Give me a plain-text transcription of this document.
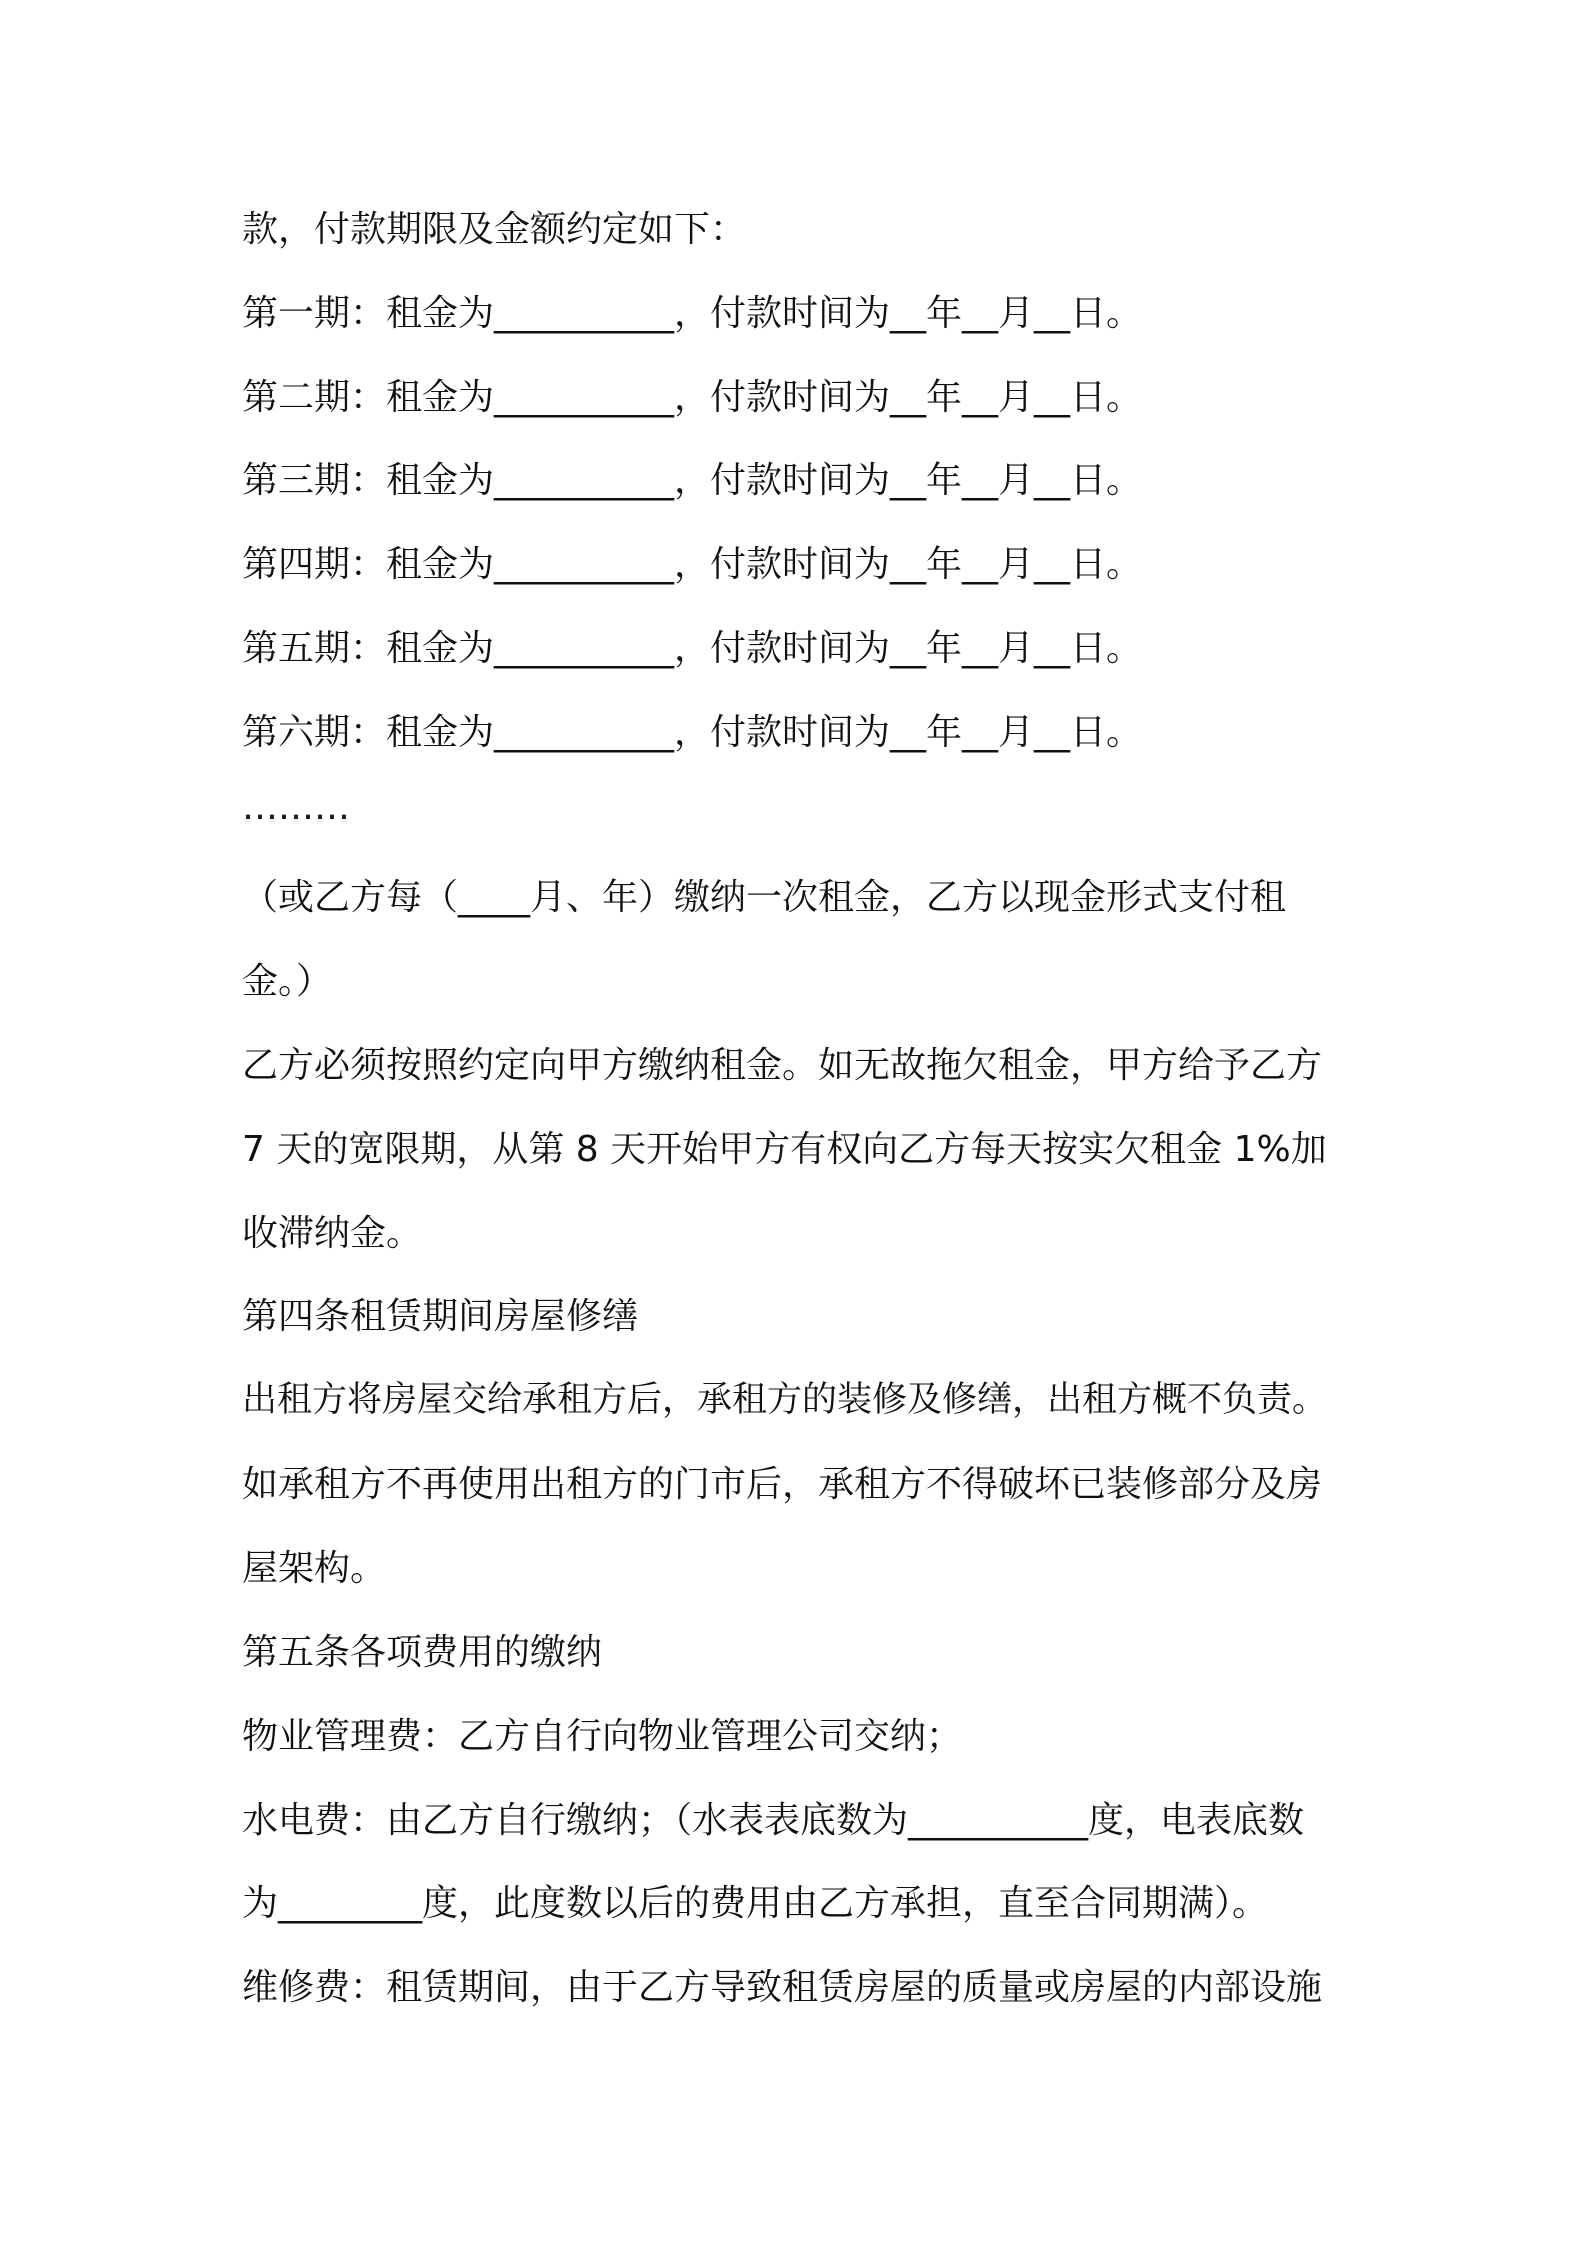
款，付款期限及金额约定如下：
第一期：租金为__________，付款时间为__年__月__日。
第二期：租金为__________，付款时间为__年__月__日。
第三期：租金为__________，付款时间为__年__月__日。
第四期：租金为__________，付款时间为__年__月__日。
第五期：租金为__________，付款时间为__年__月__日。
第六期：租金为__________，付款时间为__年__月__日。
………
（或乙方每（____月、年）缴纳一次租金，乙方以现金形式支付租
金。）
乙方必须按照约定向甲方缴纳租金。如无故拖欠租金，甲方给予乙方
7 天的宽限期，从第 8 天开始甲方有权向乙方每天按实欠租金 1%加
收滞纳金。
第四条租赁期间房屋修缮
出租方将房屋交给承租方后，承租方的装修及修缮，出租方概不负责。
如承租方不再使用出租方的门市后，承租方不得破坏已装修部分及房
屋架构。
第五条各项费用的缴纳
物业管理费：乙方自行向物业管理公司交纳；
水电费：由乙方自行缴纳；（水表表底数为__________度，电表底数
为________度，此度数以后的费用由乙方承担，直至合同期满）。
维修费：租赁期间，由于乙方导致租赁房屋的质量或房屋的内部设施
